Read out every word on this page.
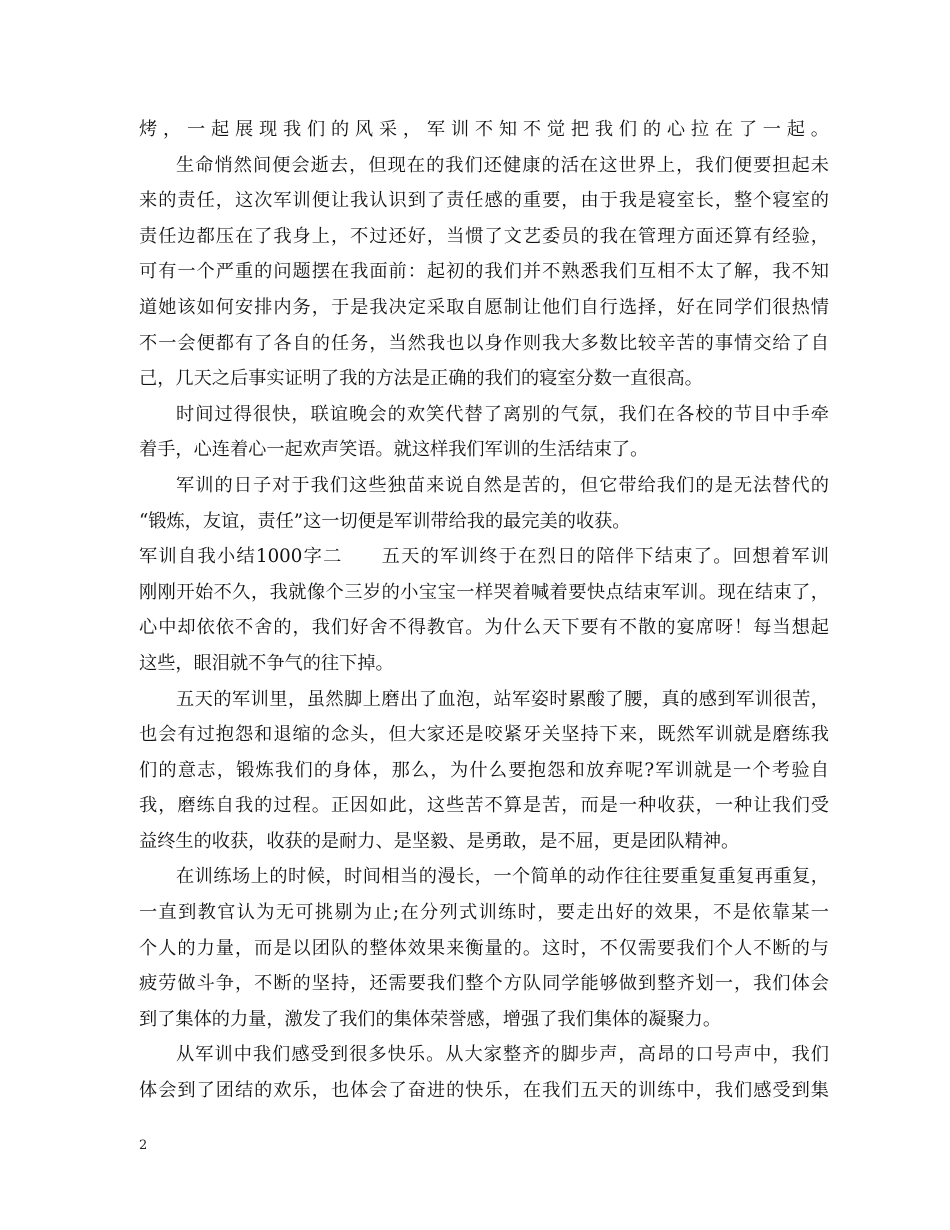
烤，一起展现我们的风采，军训不知不觉把我们的心拉在了一起。
生命悄然间便会逝去，但现在的我们还健康的活在这世界上，我们便要担起未
来的责任，这次军训便让我认识到了责任感的重要，由于我是寝室长，整个寝室的
责任边都压在了我身上，不过还好，当惯了文艺委员的我在管理方面还算有经验，
可有一个严重的问题摆在我面前：起初的我们并不熟悉我们互相不太了解，我不知
道她该如何安排内务，于是我决定采取自愿制让他们自行选择，好在同学们很热情
不一会便都有了各自的任务，当然我也以身作则我大多数比较辛苦的事情交给了自
己，几天之后事实证明了我的方法是正确的我们的寝室分数一直很高。
时间过得很快，联谊晚会的欢笑代替了离别的气氛，我们在各校的节目中手牵
着手，心连着心一起欢声笑语。就这样我们军训的生活结束了。
军训的日子对于我们这些独苗来说自然是苦的，但它带给我们的是无法替代的
“锻炼，友谊，责任”这一切便是军训带给我的最完美的收获。
军训自我小结1000字二　　五天的军训终于在烈日的陪伴下结束了。回想着军训
刚刚开始不久，我就像个三岁的小宝宝一样哭着喊着要快点结束军训。现在结束了，
心中却依依不舍的，我们好舍不得教官。为什么天下要有不散的宴席呀！每当想起
这些，眼泪就不争气的往下掉。
五天的军训里，虽然脚上磨出了血泡，站军姿时累酸了腰，真的感到军训很苦，
也会有过抱怨和退缩的念头，但大家还是咬紧牙关坚持下来，既然军训就是磨练我
们的意志，锻炼我们的身体，那么，为什么要抱怨和放弃呢?军训就是一个考验自
我，磨练自我的过程。正因如此，这些苦不算是苦，而是一种收获，一种让我们受
益终生的收获，收获的是耐力、是坚毅、是勇敢，是不屈，更是团队精神。
在训练场上的时候，时间相当的漫长，一个简单的动作往往要重复重复再重复，
一直到教官认为无可挑剔为止;在分列式训练时，要走出好的效果，不是依靠某一
个人的力量，而是以团队的整体效果来衡量的。这时，不仅需要我们个人不断的与
疲劳做斗争，不断的坚持，还需要我们整个方队同学能够做到整齐划一，我们体会
到了集体的力量，激发了我们的集体荣誉感，增强了我们集体的凝聚力。
从军训中我们感受到很多快乐。从大家整齐的脚步声，高昂的口号声中，我们
体会到了团结的欢乐，也体会了奋进的快乐，在我们五天的训练中，我们感受到集
2
